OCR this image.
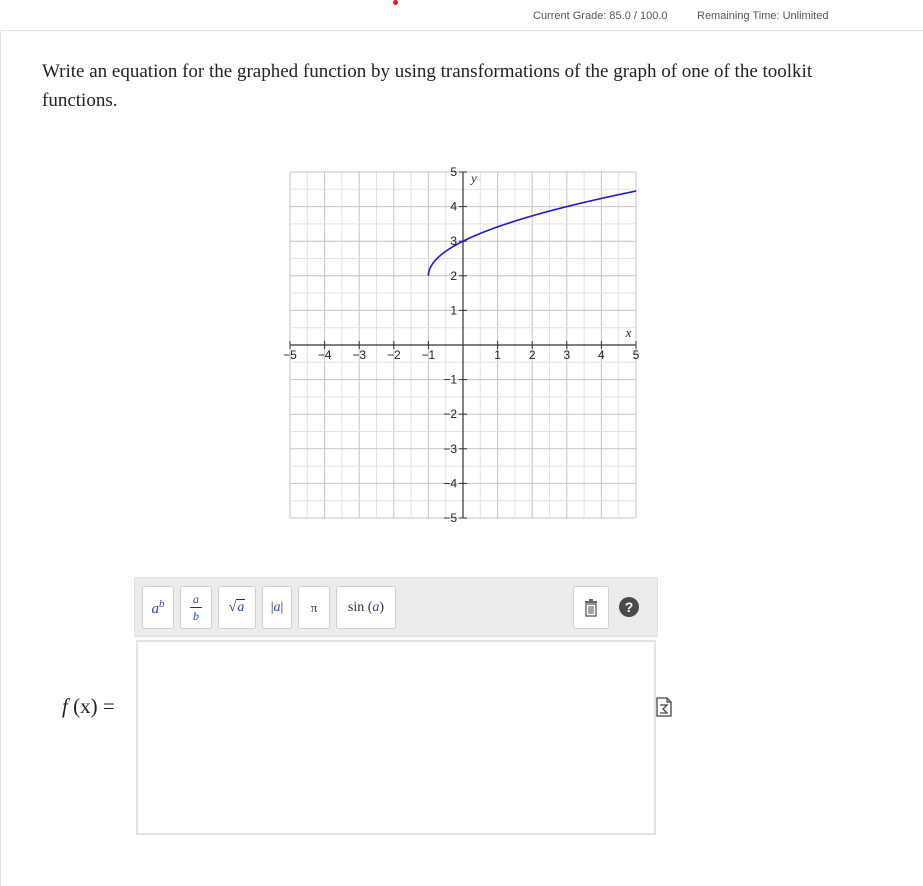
Current Grade: 85.0 / 100.0	Remaining Time: Unlimited
Write an equation for the graphed function by using transformations of the graph of one of the toolkit functions.
−5 −4 −3 −2 −1	1 2 3 4 5
5
4
3
2
1
−1
−2
−3
−4
−5
x
y
$a^b \frac{a}{b}$ √ a | a | π sin
( a )	?
f (x) =
